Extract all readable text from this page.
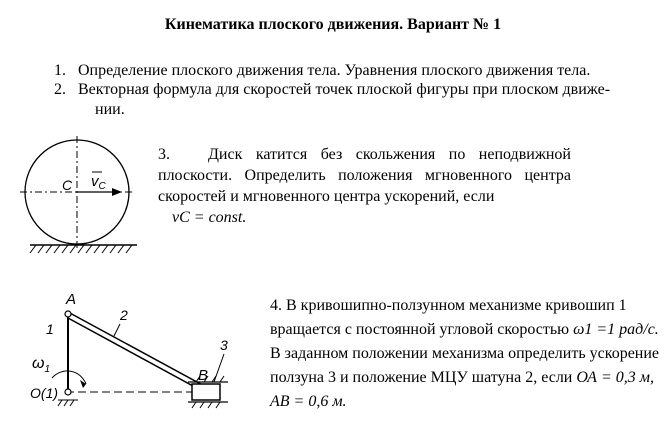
Кинематика плоского движения. Вариант № 1
1. Определение плоского движения тела. Уравнения плоского движения тела.
2. Векторная формула для скоростей точек плоской фигуры при плоском движе-
нии.
C $v_C$
3. Диск катится без скольжения по неподвижной плоскости. Определить положения мгновенного центра скоростей и мгновенного центра ускорений, если
vC = const.
A
B
1
2
3
$\omega_1$
O(1)
4. В кривошипно-ползунном механизме кривошип 1 вращается с постоянной угловой скоростью ω1 =1 рад/с. В заданном положении механизма определить ускорение ползуна 3 и положение МЦУ шатуна 2, если ОА = 0,3 м, АВ = 0,6 м.
